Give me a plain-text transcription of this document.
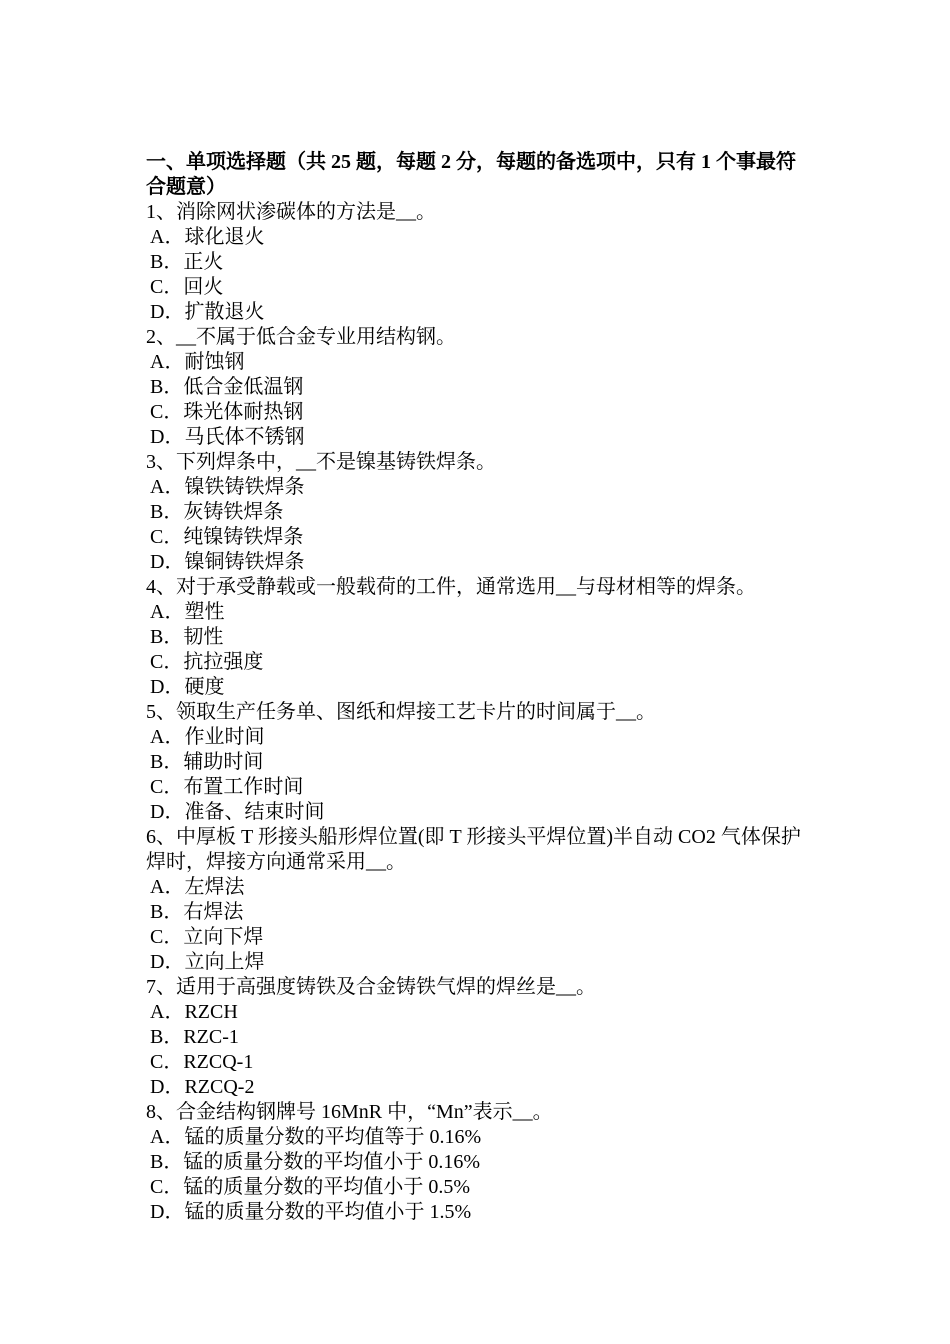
一、单项选择题（共 25 题，每题 2 分，每题的备选项中，只有 1 个事最符合题意）

1、消除网状渗碳体的方法是__。
A．球化退火
B．正火
C．回火
D．扩散退火
2、__不属于低合金专业用结构钢。
A．耐蚀钢
B．低合金低温钢
C．珠光体耐热钢
D．马氏体不锈钢
3、下列焊条中，__不是镍基铸铁焊条。
A．镍铁铸铁焊条
B．灰铸铁焊条
C．纯镍铸铁焊条
D．镍铜铸铁焊条
4、对于承受静载或一般载荷的工件，通常选用__与母材相等的焊条。
A．塑性
B．韧性
C．抗拉强度
D．硬度
5、领取生产任务单、图纸和焊接工艺卡片的时间属于__。
A．作业时间
B．辅助时间
C．布置工作时间
D．准备、结束时间
6、中厚板 T 形接头船形焊位置(即 T 形接头平焊位置)半自动 CO2 气体保护焊时，焊接方向通常采用__。
A．左焊法
B．右焊法
C．立向下焊
D．立向上焊
7、适用于高强度铸铁及合金铸铁气焊的焊丝是__。
A．RZCH
B．RZC-1
C．RZCQ-1
D．RZCQ-2
8、合金结构钢牌号 16MnR 中，“Mn”表示__。
A．锰的质量分数的平均值等于 0.16%
B．锰的质量分数的平均值小于 0.16%
C．锰的质量分数的平均值小于 0.5%
D．锰的质量分数的平均值小于 1.5%
